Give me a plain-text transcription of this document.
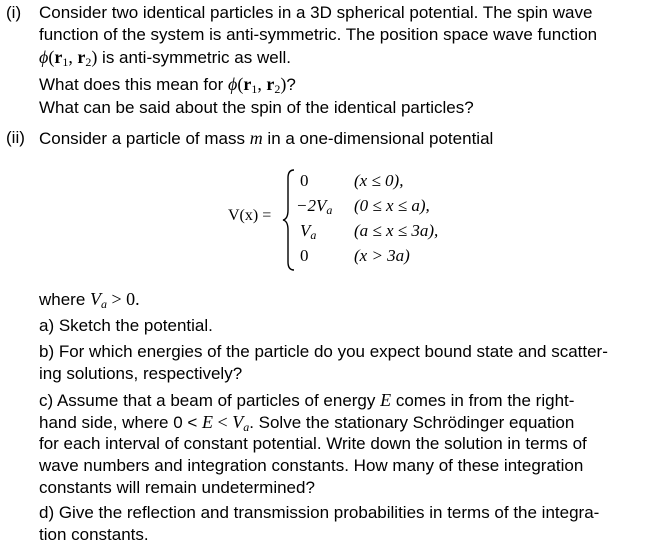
(i) Consider two identical particles in a 3D spherical potential. The spin wave
function of the system is anti-symmetric. The position space wave function
$\phi(r_1$, $r_2$) is anti-symmetric as well.
What does this mean for $\phi(r_1$, $r_2$)?
What can be said about the spin of the identical particles?
(ii) Consider a particle of mass m in a one-dimensional potential
V(x) =
0	(x ≤ 0),
$-2V_a$ (0 ≤ x ≤ a),
$V_a$ (a ≤ x ≤ 3a),
0	(x > 3a)
where $V_a > 0$.
a) Sketch the potential.
b) For which energies of the particle do you expect bound state and scatter-
ing solutions, respectively?
c) Assume that a beam of particles of energy E comes in from the right-
hand side, where $0 < E < V_a$. Solve the stationary Schrödinger equation
for each interval of constant potential. Write down the solution in terms of
wave numbers and integration constants. How many of these integration
constants will remain undetermined?
d) Give the reflection and transmission probabilities in terms of the integra-
tion constants.
